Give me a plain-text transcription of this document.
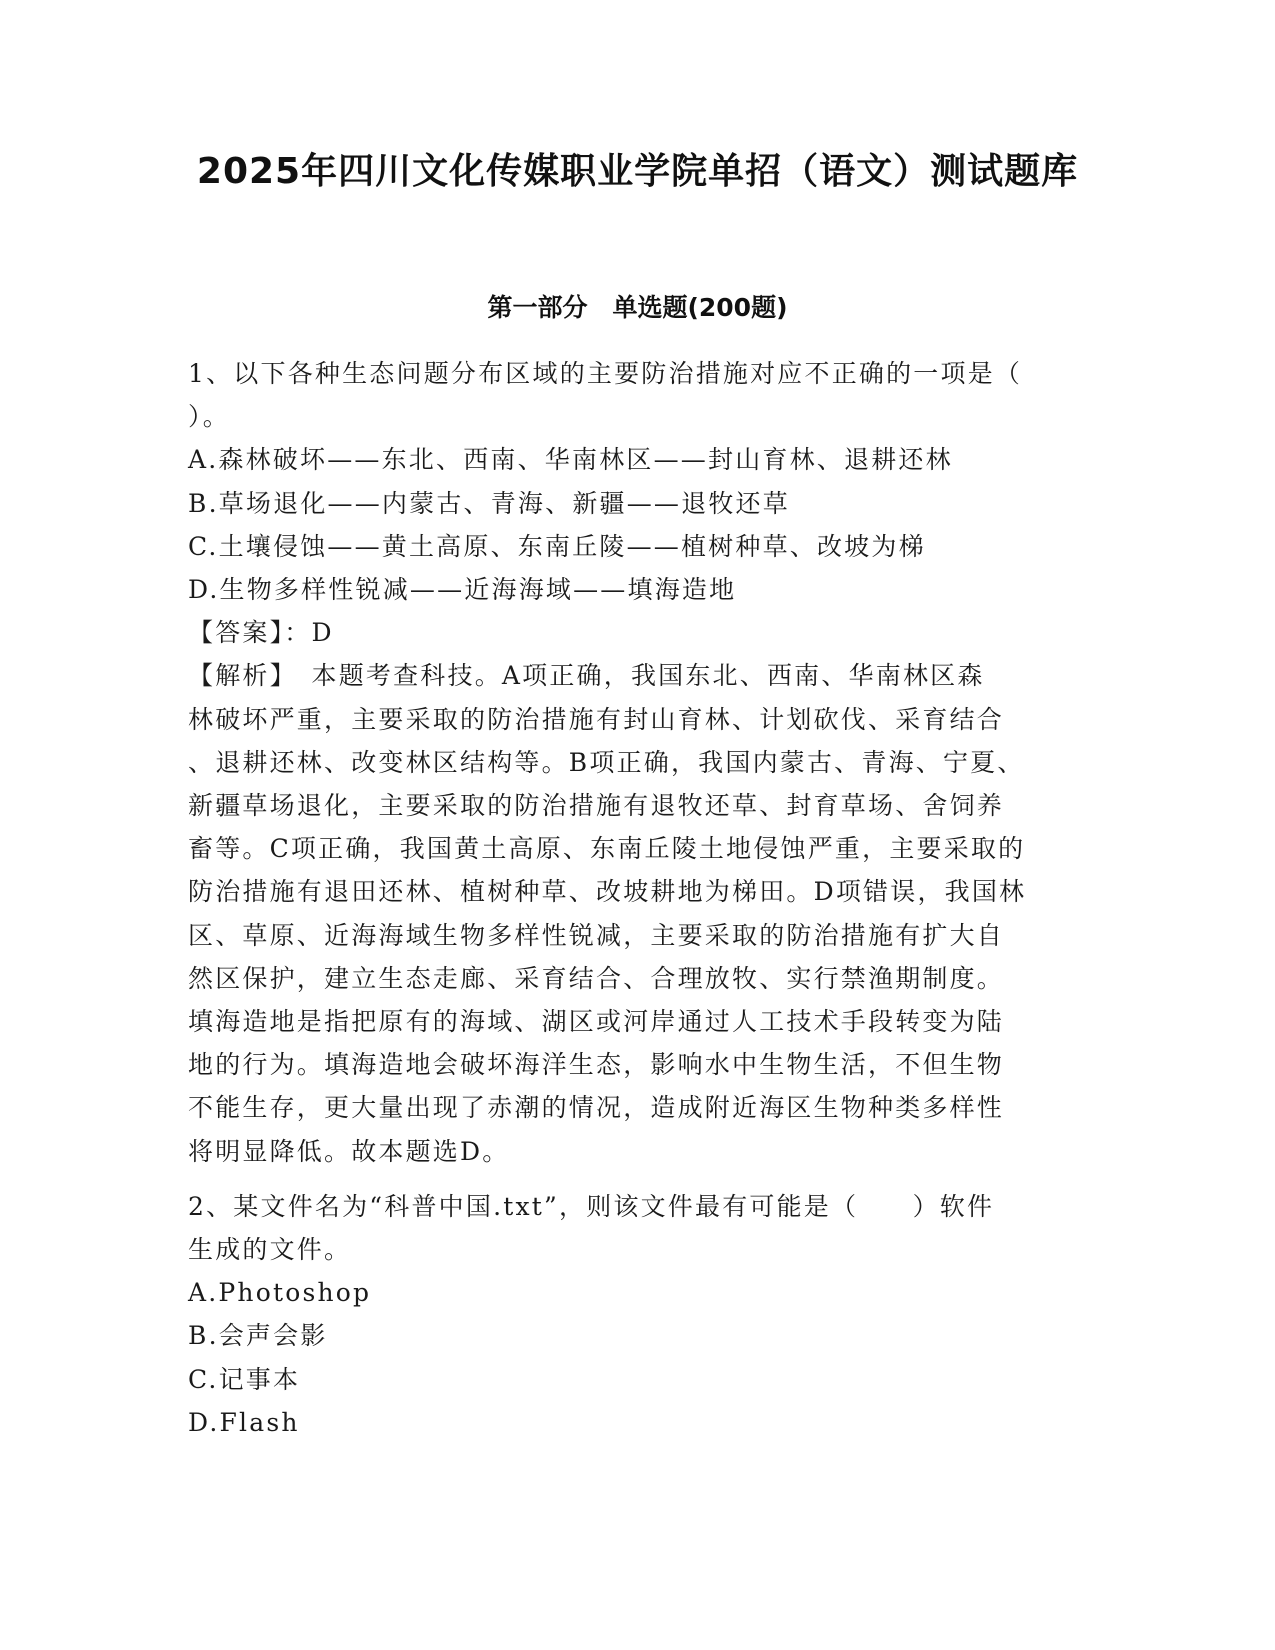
2025年四川文化传媒职业学院单招（语文）测试题库
第一部分　单选题(200题)

1、以下各种生态问题分布区域的主要防治措施对应不正确的一项是（

）。

A.森林破坏——东北、西南、华南林区——封山育林、退耕还林

B.草场退化——内蒙古、青海、新疆——退牧还草

C.土壤侵蚀——黄土高原、东南丘陵——植树种草、改坡为梯

D.生物多样性锐减——近海海域——填海造地

【答案】：D

【解析】　本题考查科技。A项正确，我国东北、西南、华南林区森

林破坏严重，主要采取的防治措施有封山育林、计划砍伐、采育结合

、退耕还林、改变林区结构等。B项正确，我国内蒙古、青海、宁夏、

新疆草场退化，主要采取的防治措施有退牧还草、封育草场、舍饲养

畜等。C项正确，我国黄土高原、东南丘陵土地侵蚀严重，主要采取的

防治措施有退田还林、植树种草、改坡耕地为梯田。D项错误，我国林

区、草原、近海海域生物多样性锐减，主要采取的防治措施有扩大自

然区保护，建立生态走廊、采育结合、合理放牧、实行禁渔期制度。

填海造地是指把原有的海域、湖区或河岸通过人工技术手段转变为陆

地的行为。填海造地会破坏海洋生态，影响水中生物生活，不但生物

不能生存，更大量出现了赤潮的情况，造成附近海区生物种类多样性

将明显降低。故本题选D。

2、某文件名为“科普中国.txt”，则该文件最有可能是（　　）软件

生成的文件。

A.Photoshop

B.会声会影

C.记事本

D.Flash
